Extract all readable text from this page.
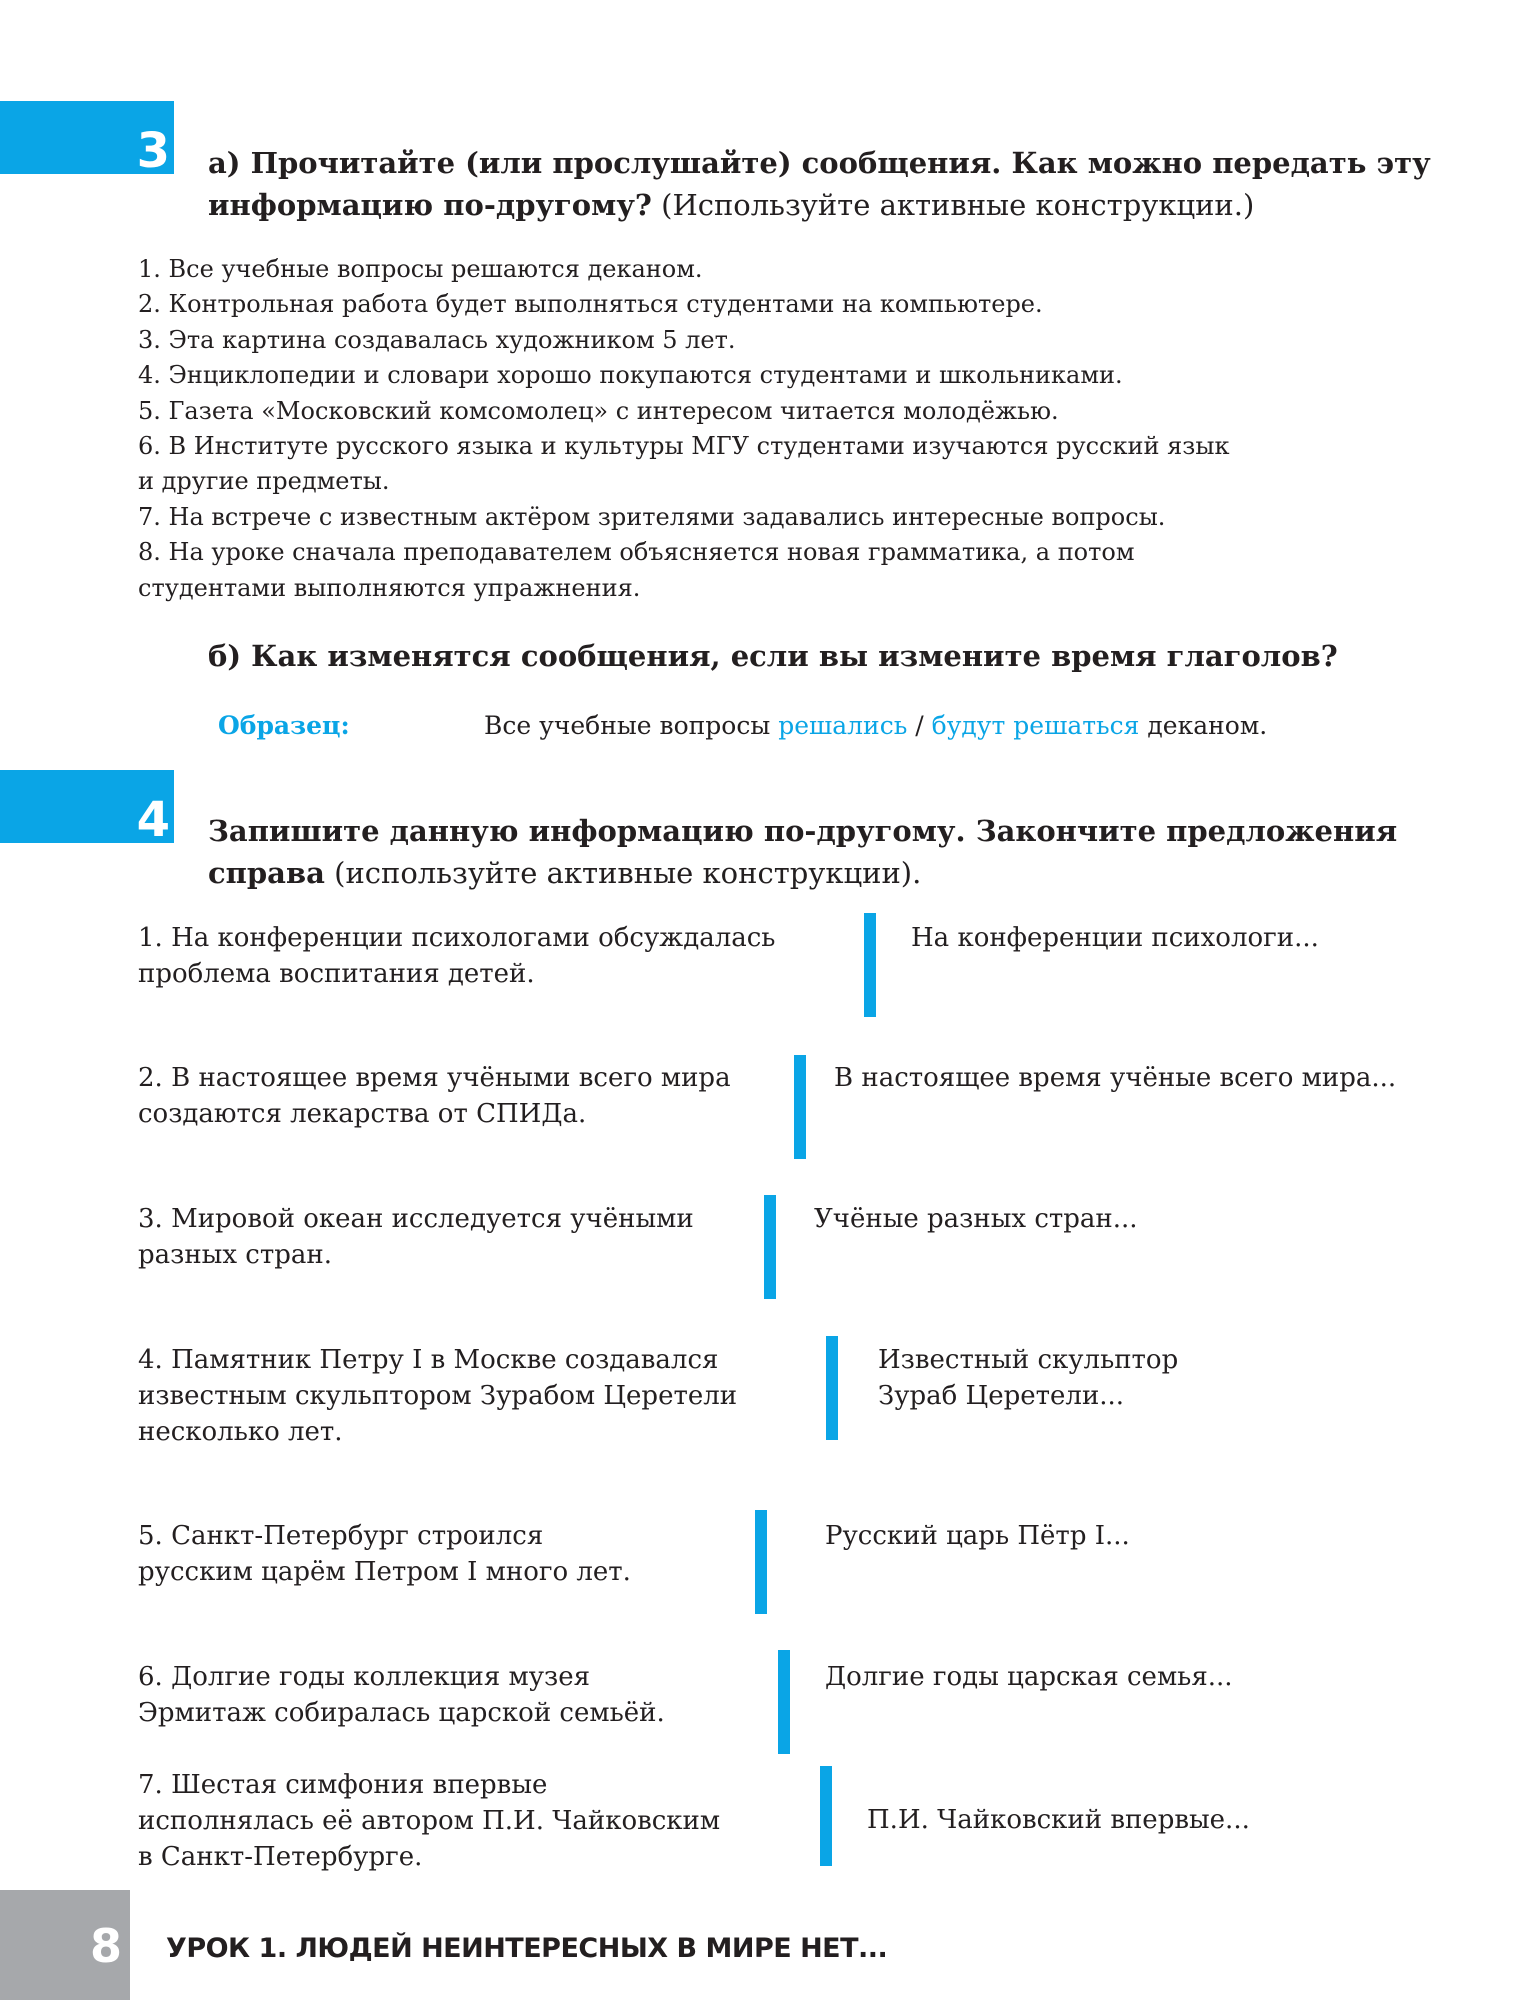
3 а) Прочитайте (или прослушайте) сообщения. Как можно передать эту информацию по-другому? (Используйте активные конструкции.)
1. Все учебные вопросы решаются деканом.
2. Контрольная работа будет выполняться студентами на компьютере.
3. Эта картина создавалась художником 5 лет.
4. Энциклопедии и словари хорошо покупаются студентами и школьниками.
5. Газета «Московский комсомолец» с интересом читается молодёжью.
6. В Институте русского языка и культуры МГУ студентами изучаются русский язык
и другие предметы.
7. На встрече с известным актёром зрителями задавались интересные вопросы.
8. На уроке сначала преподавателем объясняется новая грамматика, а потом
студентами выполняются упражнения.
б) Как изменятся сообщения, если вы измените время глаголов?
Образец:	Все учебные вопросы решались / будут решаться деканом.
4 Запишите данную информацию по-другому. Закончите предложения справа (используйте активные конструкции).
1. На конференции психологами обсуждалась
проблема воспитания детей.
На конференции психологи...
2. В настоящее время учёными всего мира
создаются лекарства от СПИДа.
В настоящее время учёные всего мира...
3. Мировой океан исследуется учёными
разных стран.
Учёные разных стран...
4. Памятник Петру I в Москве создавался
известным скульптором Зурабом Церетели
несколько лет.
Известный скульптор
Зураб Церетели...
5. Санкт-Петербург строился
русским царём Петром I много лет.
Русский царь Пётр I...
6. Долгие годы коллекция музея
Эрмитаж собиралась царской семьёй.
Долгие годы царская семья...
7. Шестая симфония впервые
исполнялась её автором П.И. Чайковским
в Санкт-Петербурге.
П.И. Чайковский впервые...
8 УРОК 1. ЛЮДЕЙ НЕИНТЕРЕСНЫХ В МИРЕ НЕТ...
